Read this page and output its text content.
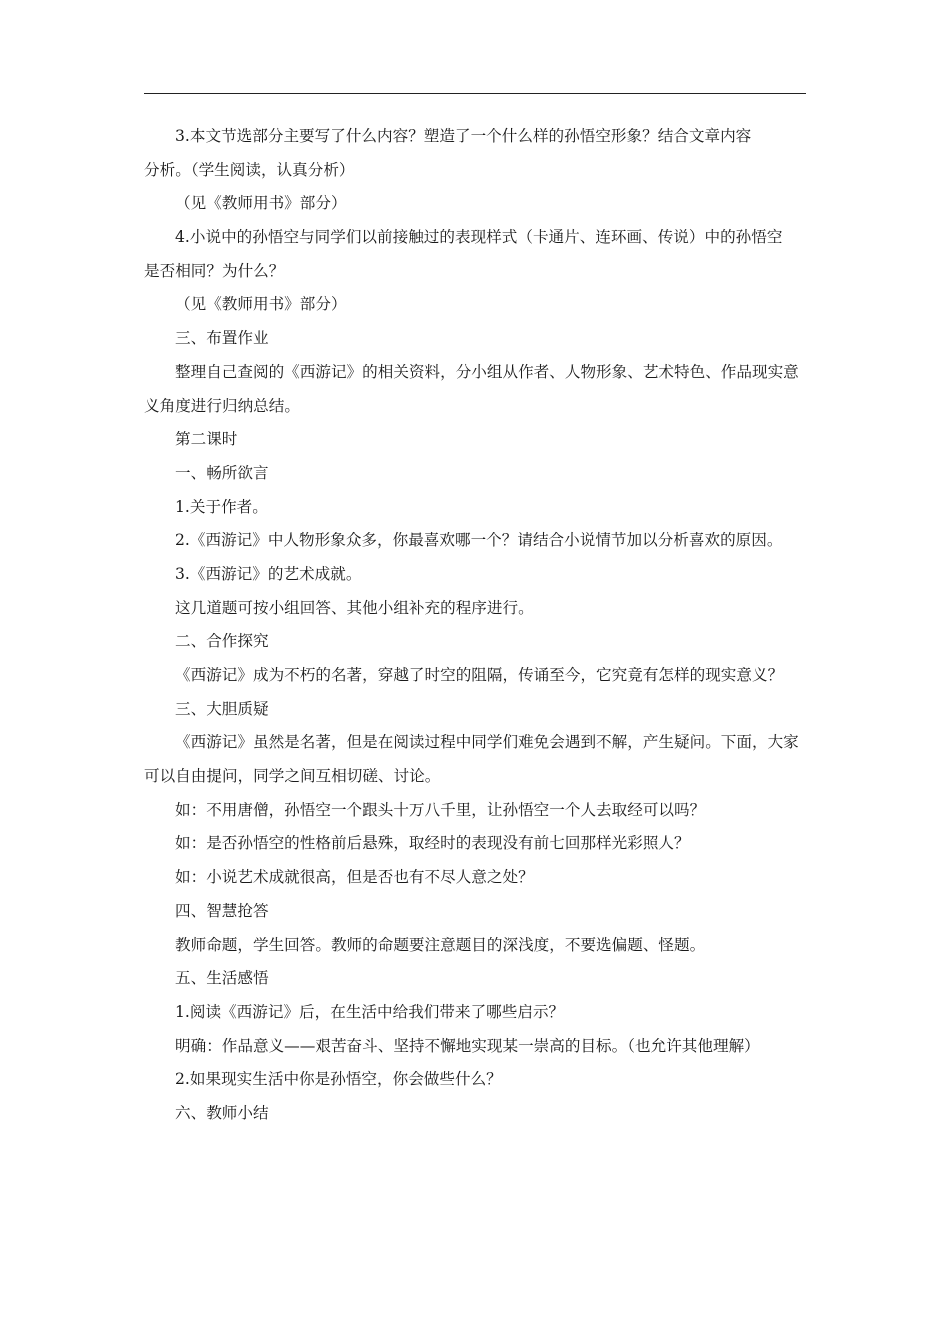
3.本文节选部分主要写了什么内容？塑造了一个什么样的孙悟空形象？结合文章内容
分析。（学生阅读，认真分析）
（见《教师用书》部分）
4.小说中的孙悟空与同学们以前接触过的表现样式（卡通片、连环画、传说）中的孙悟空
是否相同？为什么？
（见《教师用书》部分）
三、布置作业
整理自己查阅的《西游记》的相关资料，分小组从作者、人物形象、艺术特色、作品现实意
义角度进行归纳总结。
第二课时
一、畅所欲言
1.关于作者。
2.《西游记》中人物形象众多，你最喜欢哪一个？请结合小说情节加以分析喜欢的原因。
3.《西游记》的艺术成就。
这几道题可按小组回答、其他小组补充的程序进行。
二、合作探究
《西游记》成为不朽的名著，穿越了时空的阻隔，传诵至今，它究竟有怎样的现实意义？
三、大胆质疑
《西游记》虽然是名著，但是在阅读过程中同学们难免会遇到不解，产生疑问。下面，大家
可以自由提问，同学之间互相切磋、讨论。
如：不用唐僧，孙悟空一个跟头十万八千里，让孙悟空一个人去取经可以吗？
如：是否孙悟空的性格前后悬殊，取经时的表现没有前七回那样光彩照人？
如：小说艺术成就很高，但是否也有不尽人意之处？
四、智慧抢答
教师命题，学生回答。教师的命题要注意题目的深浅度，不要选偏题、怪题。
五、生活感悟
1.阅读《西游记》后，在生活中给我们带来了哪些启示？
明确：作品意义——艰苦奋斗、坚持不懈地实现某一崇高的目标。（也允许其他理解）
2.如果现实生活中你是孙悟空，你会做些什么？
六、教师小结
